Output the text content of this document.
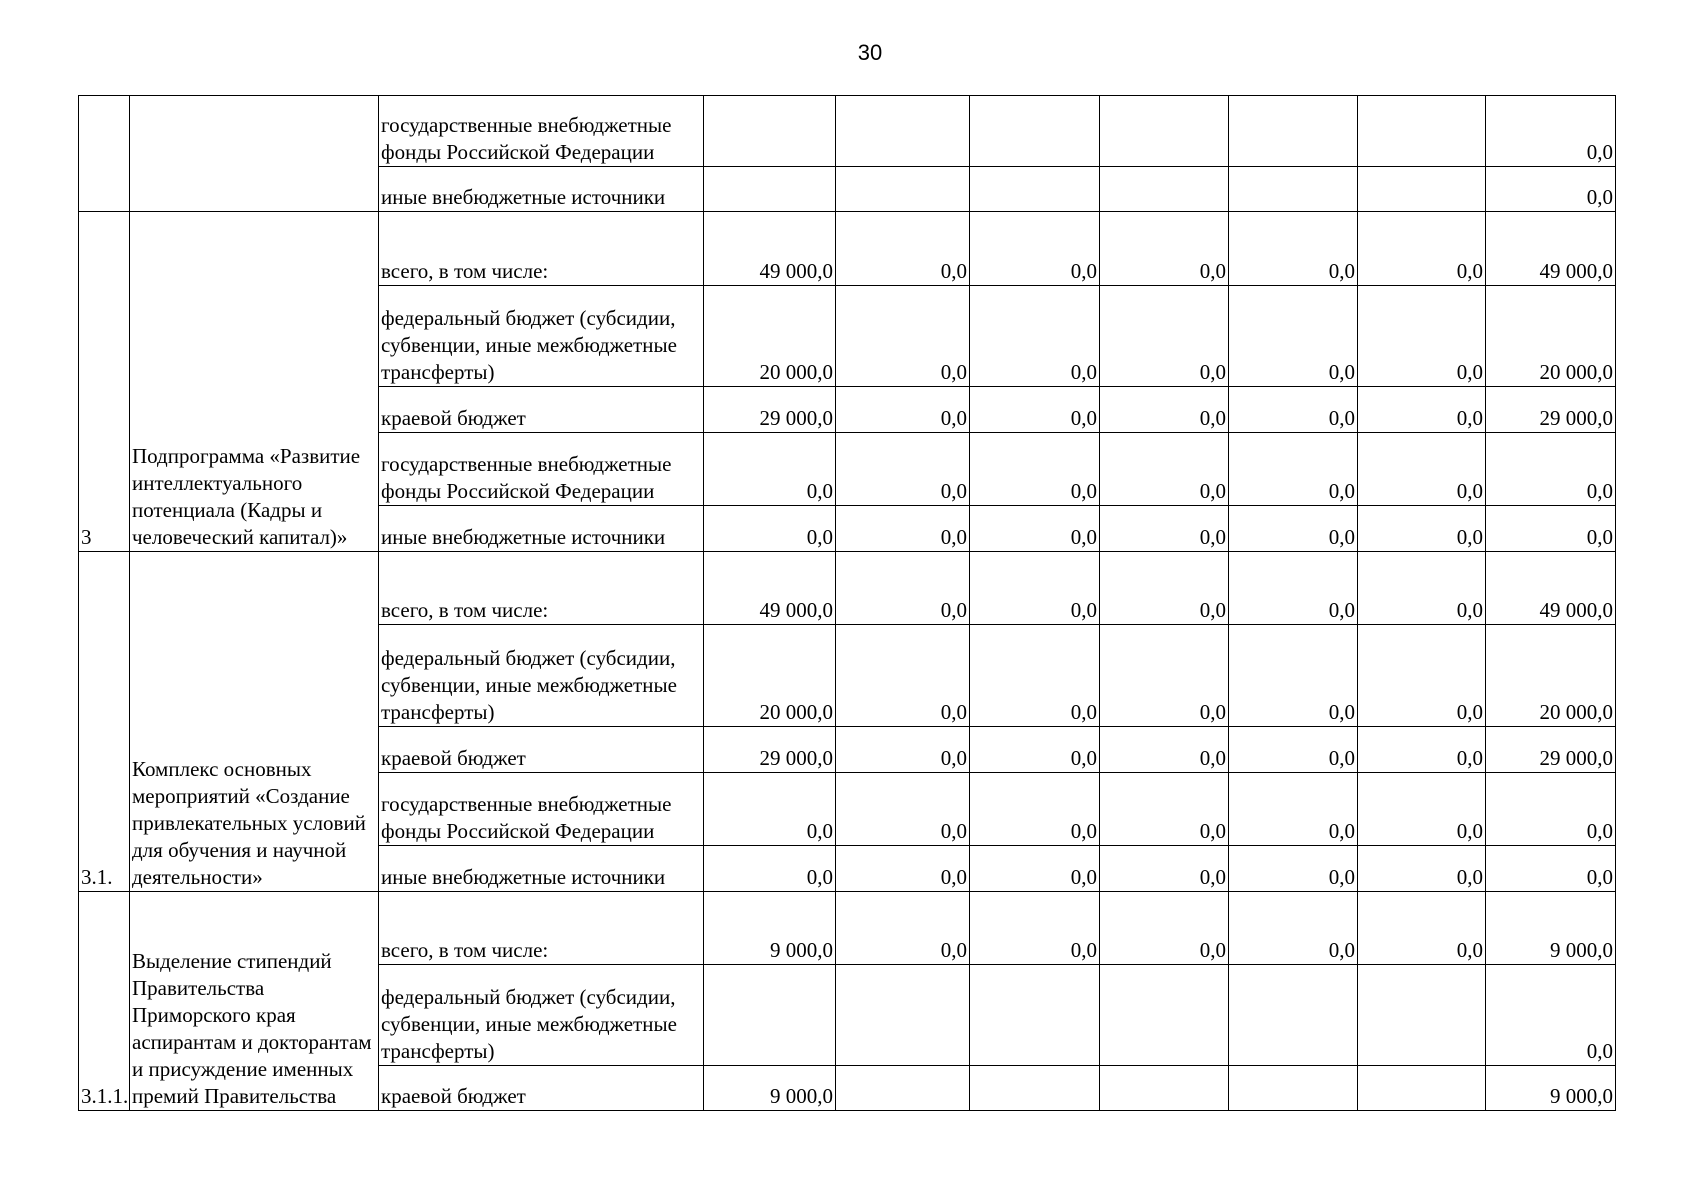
30

		государственные внебюджетные фонды Российской Федерации							0,0

		иные внебюджетные источники							0,0
3	Подпрограмма «Развитие интеллектуального потенциала (Кадры и человеческий капитал)»	всего, в том числе:	49 000,0	0,0	0,0	0,0	0,0	0,0	49 000,0

		федеральный бюджет (субсидии, субвенции, иные межбюджетные трансферты)	20 000,0	0,0	0,0	0,0	0,0	0,0	20 000,0

		краевой бюджет	29 000,0	0,0	0,0	0,0	0,0	0,0	29 000,0

		государственные внебюджетные фонды Российской Федерации	0,0	0,0	0,0	0,0	0,0	0,0	0,0

		иные внебюджетные источники	0,0	0,0	0,0	0,0	0,0	0,0	0,0
3.1.	Комплекс основных мероприятий «Создание привлекательных условий для обучения и научной деятельности»	всего, в том числе:	49 000,0	0,0	0,0	0,0	0,0	0,0	49 000,0

		федеральный бюджет (субсидии, субвенции, иные межбюджетные трансферты)	20 000,0	0,0	0,0	0,0	0,0	0,0	20 000,0

		краевой бюджет	29 000,0	0,0	0,0	0,0	0,0	0,0	29 000,0

		государственные внебюджетные фонды Российской Федерации	0,0	0,0	0,0	0,0	0,0	0,0	0,0

		иные внебюджетные источники	0,0	0,0	0,0	0,0	0,0	0,0	0,0
3.1.1.	Выделение стипендий Правительства Приморского края аспирантам и докторантам и присуждение именных премий Правительства	всего, в том числе:	9 000,0	0,0	0,0	0,0	0,0	0,0	9 000,0

		федеральный бюджет (субсидии, субвенции, иные межбюджетные трансферты)							0,0

		краевой бюджет	9 000,0						9 000,0
